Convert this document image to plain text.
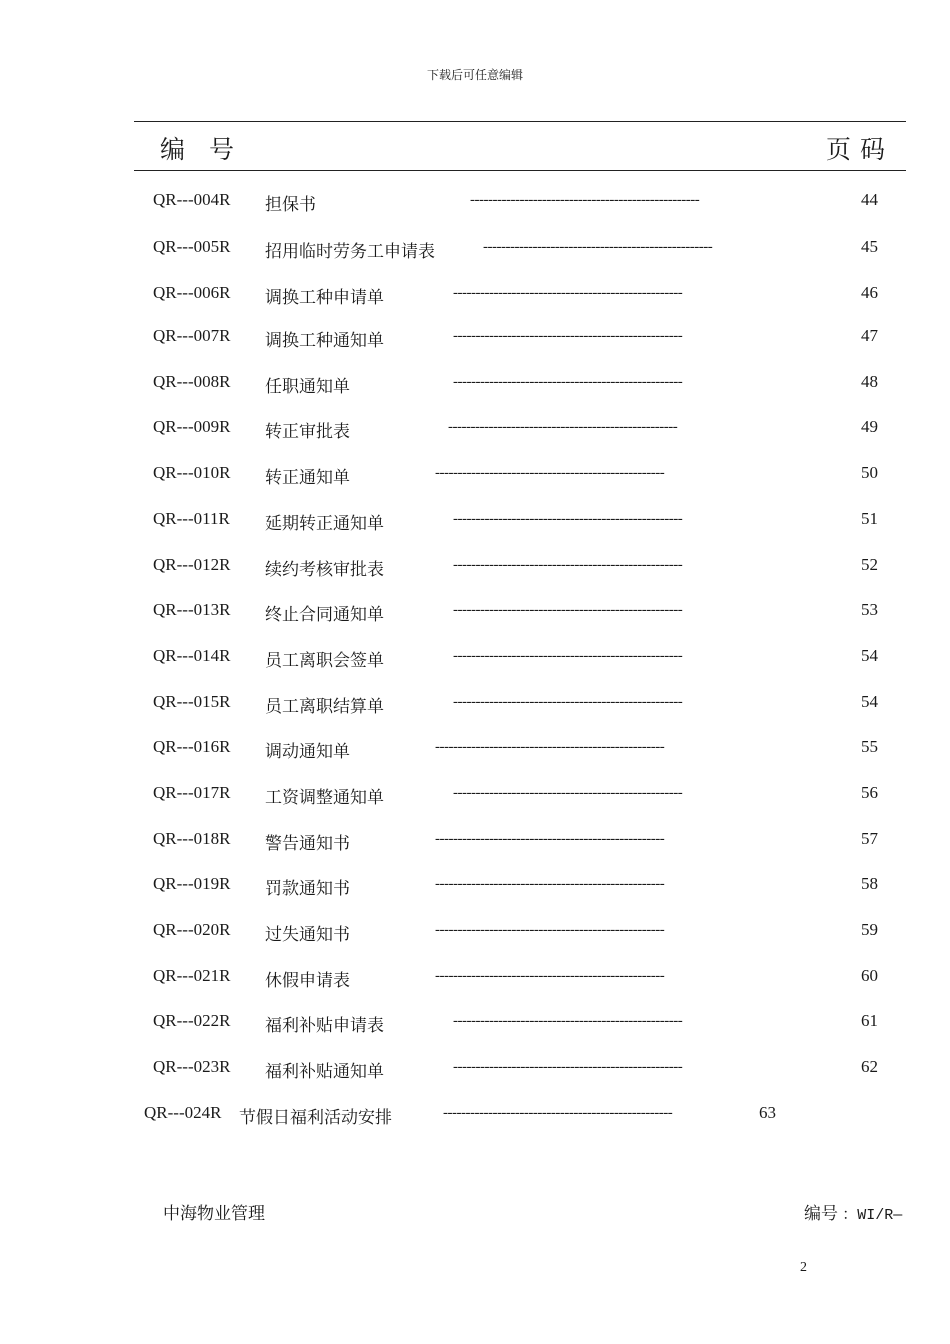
下载后可任意编辑
编号	页码
QR---004R 担保书	---------------------------------------------------	44
QR---005R 招用临时劳务工申请表	---------------------------------------------------	45
QR---006R 调换工种申请单	---------------------------------------------------	46
QR---007R 调换工种通知单	---------------------------------------------------	47
QR---008R 任职通知单	---------------------------------------------------	48
QR---009R 转正审批表	---------------------------------------------------	49
QR---010R 转正通知单	---------------------------------------------------	50
QR---011R 延期转正通知单	---------------------------------------------------	51
QR---012R 续约考核审批表	---------------------------------------------------	52
QR---013R 终止合同通知单	---------------------------------------------------	53
QR---014R 员工离职会签单	---------------------------------------------------	54
QR---015R 员工离职结算单	---------------------------------------------------	54
QR---016R 调动通知单	---------------------------------------------------	55
QR---017R 工资调整通知单	---------------------------------------------------	56
QR---018R 警告通知书	---------------------------------------------------	57
QR---019R 罚款通知书	---------------------------------------------------	58
QR---020R 过失通知书	---------------------------------------------------	59
QR---021R 休假申请表	---------------------------------------------------	60
QR---022R 福利补贴申请表	---------------------------------------------------	61
QR---023R 福利补贴通知单	---------------------------------------------------	62
QR---024R 节假日福利活动安排	---------------------------------------------------	63
中海物业管理	编号 ：WI/R—
2
